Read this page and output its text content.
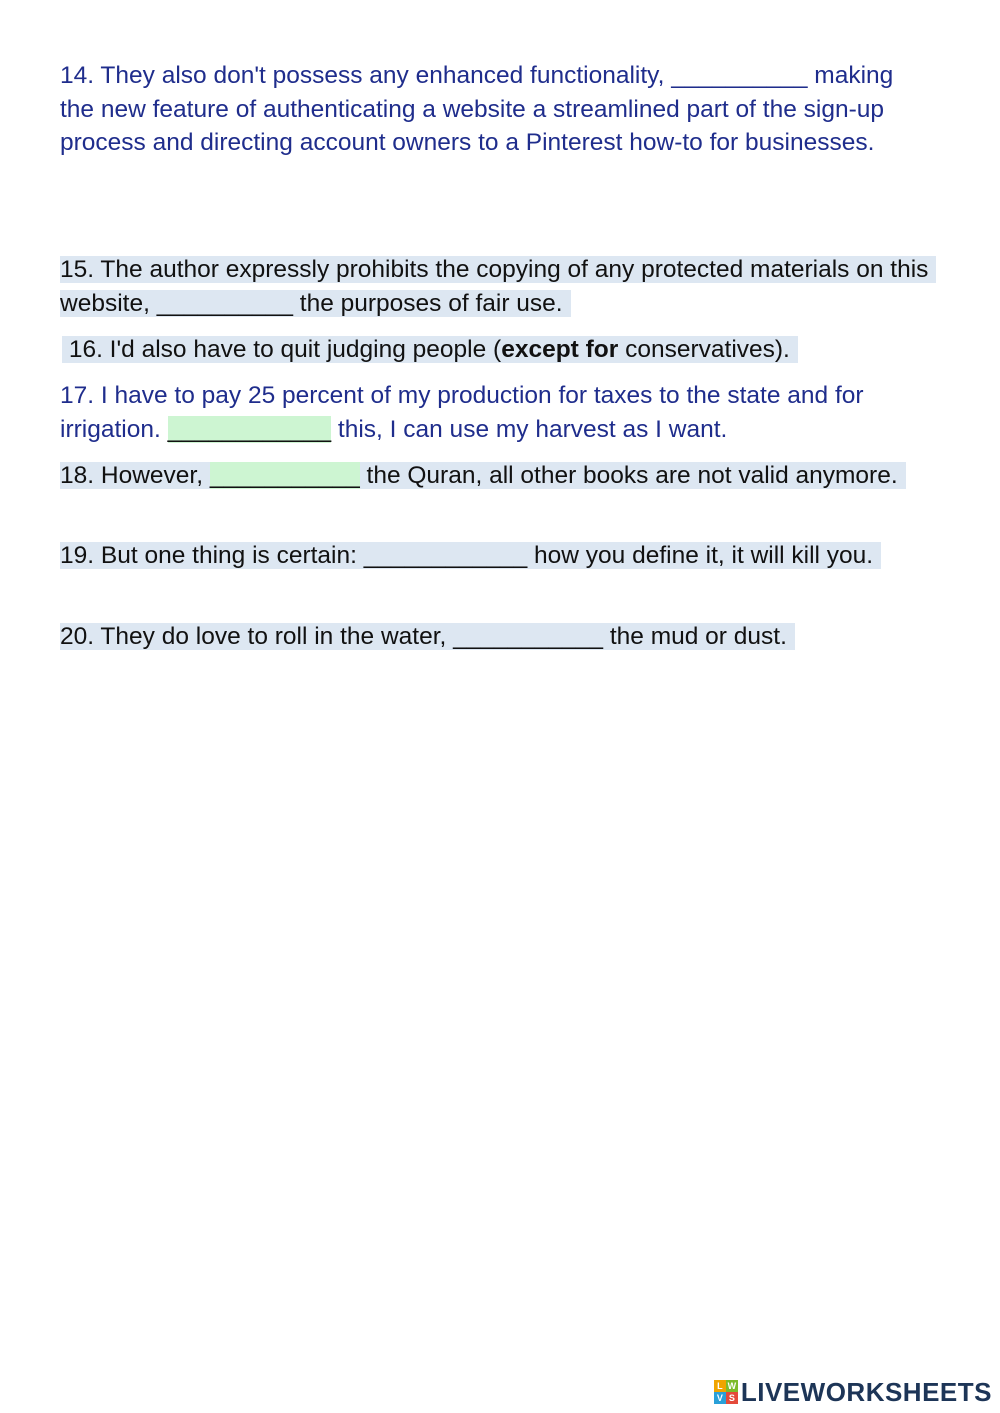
14. They also don't possess any enhanced functionality, __________ making the new feature of authenticating a website a streamlined part of the sign-up process and directing account owners to a Pinterest how-to for businesses.

15. The author expressly prohibits the copying of any protected materials on this website, __________ the purposes of fair use.

16. I'd also have to quit judging people (except for conservatives).

17. I have to pay 25 percent of my production for taxes to the state and for irrigation. ____________ this, I can use my harvest as I want.

18. However, ___________ the Quran, all other books are not valid anymore.

19. But one thing is certain: ____________ how you define it, it will kill you.

20. They do love to roll in the water, ___________ the mud or dust.

L W
V S LIVEWORKSHEETS
